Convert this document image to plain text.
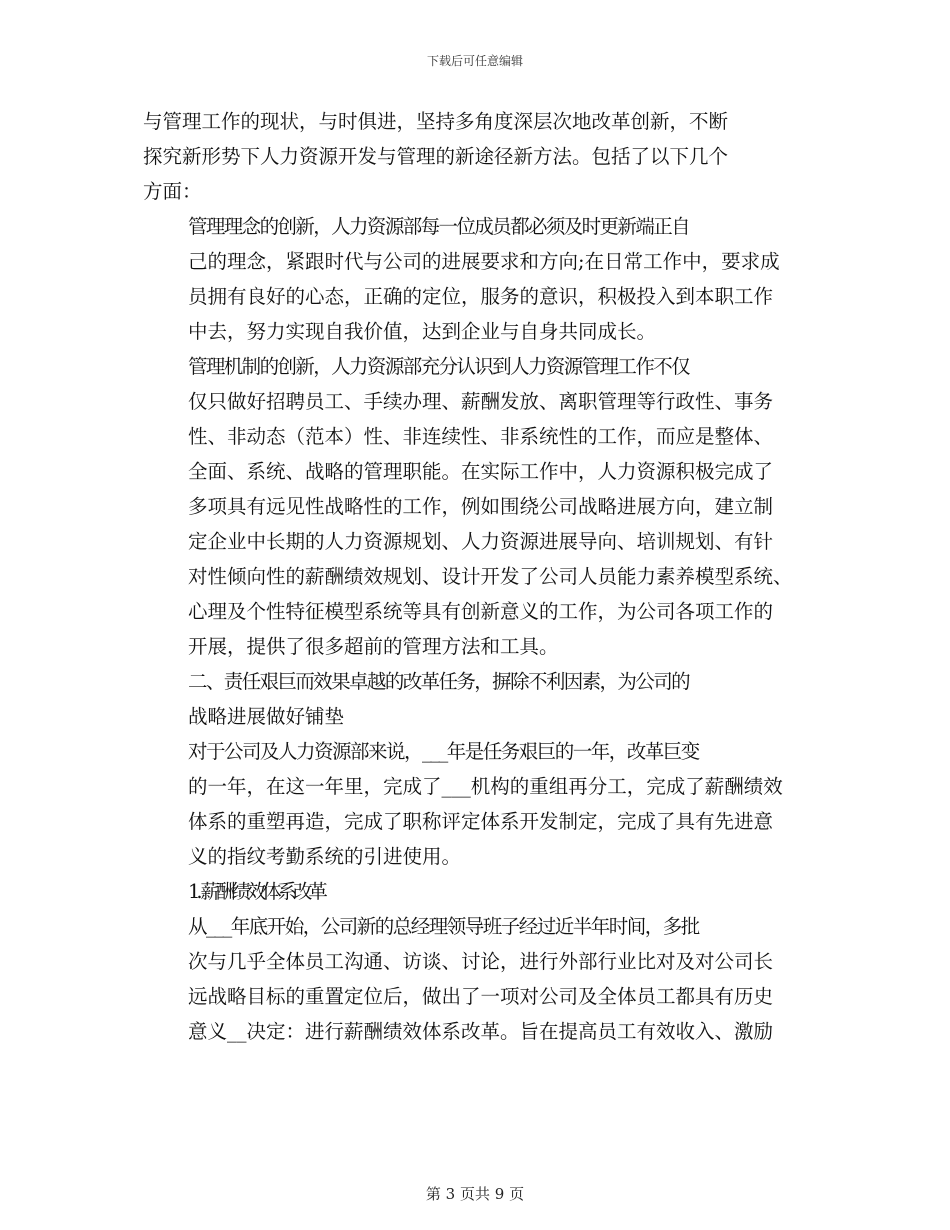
下载后可任意编辑
与管理工作的现状，与时俱进，坚持多角度深层次地改革创新，不断
探究新形势下人力资源开发与管理的新途径新方法。包括了以下几个
方面：
管理理念的创新，人力资源部每一位成员都必须及时更新端正自
己的理念，紧跟时代与公司的进展要求和方向;在日常工作中，要求成
员拥有良好的心态，正确的定位，服务的意识，积极投入到本职工作
中去，努力实现自我价值，达到企业与自身共同成长。
管理机制的创新，人力资源部充分认识到人力资源管理工作不仅
仅只做好招聘员工、手续办理、薪酬发放、离职管理等行政性、事务
性、非动态（范本）性、非连续性、非系统性的工作，而应是整体、
全面、系统、战略的管理职能。在实际工作中，人力资源积极完成了
多项具有远见性战略性的工作，例如围绕公司战略进展方向，建立制
定企业中长期的人力资源规划、人力资源进展导向、培训规划、有针
对性倾向性的薪酬绩效规划、设计开发了公司人员能力素养模型系统、
心理及个性特征模型系统等具有创新意义的工作，为公司各项工作的
开展，提供了很多超前的管理方法和工具。
二、责任艰巨而效果卓越的改革任务，摒除不利因素，为公司的
战略进展做好铺垫
对于公司及人力资源部来说，___年是任务艰巨的一年，改革巨变
的一年，在这一年里，完成了___机构的重组再分工，完成了薪酬绩效
体系的重塑再造，完成了职称评定体系开发制定，完成了具有先进意
义的指纹考勤系统的引进使用。
1. 薪酬绩效体系改革
从___年底开始，公司新的总经理领导班子经过近半年时间，多批
次与几乎全体员工沟通、访谈、讨论，进行外部行业比对及对公司长
远战略目标的重置定位后，做出了一项对公司及全体员工都具有历史
意义__决定：进行薪酬绩效体系改革。旨在提高员工有效收入、激励
第 3 页共 9 页
